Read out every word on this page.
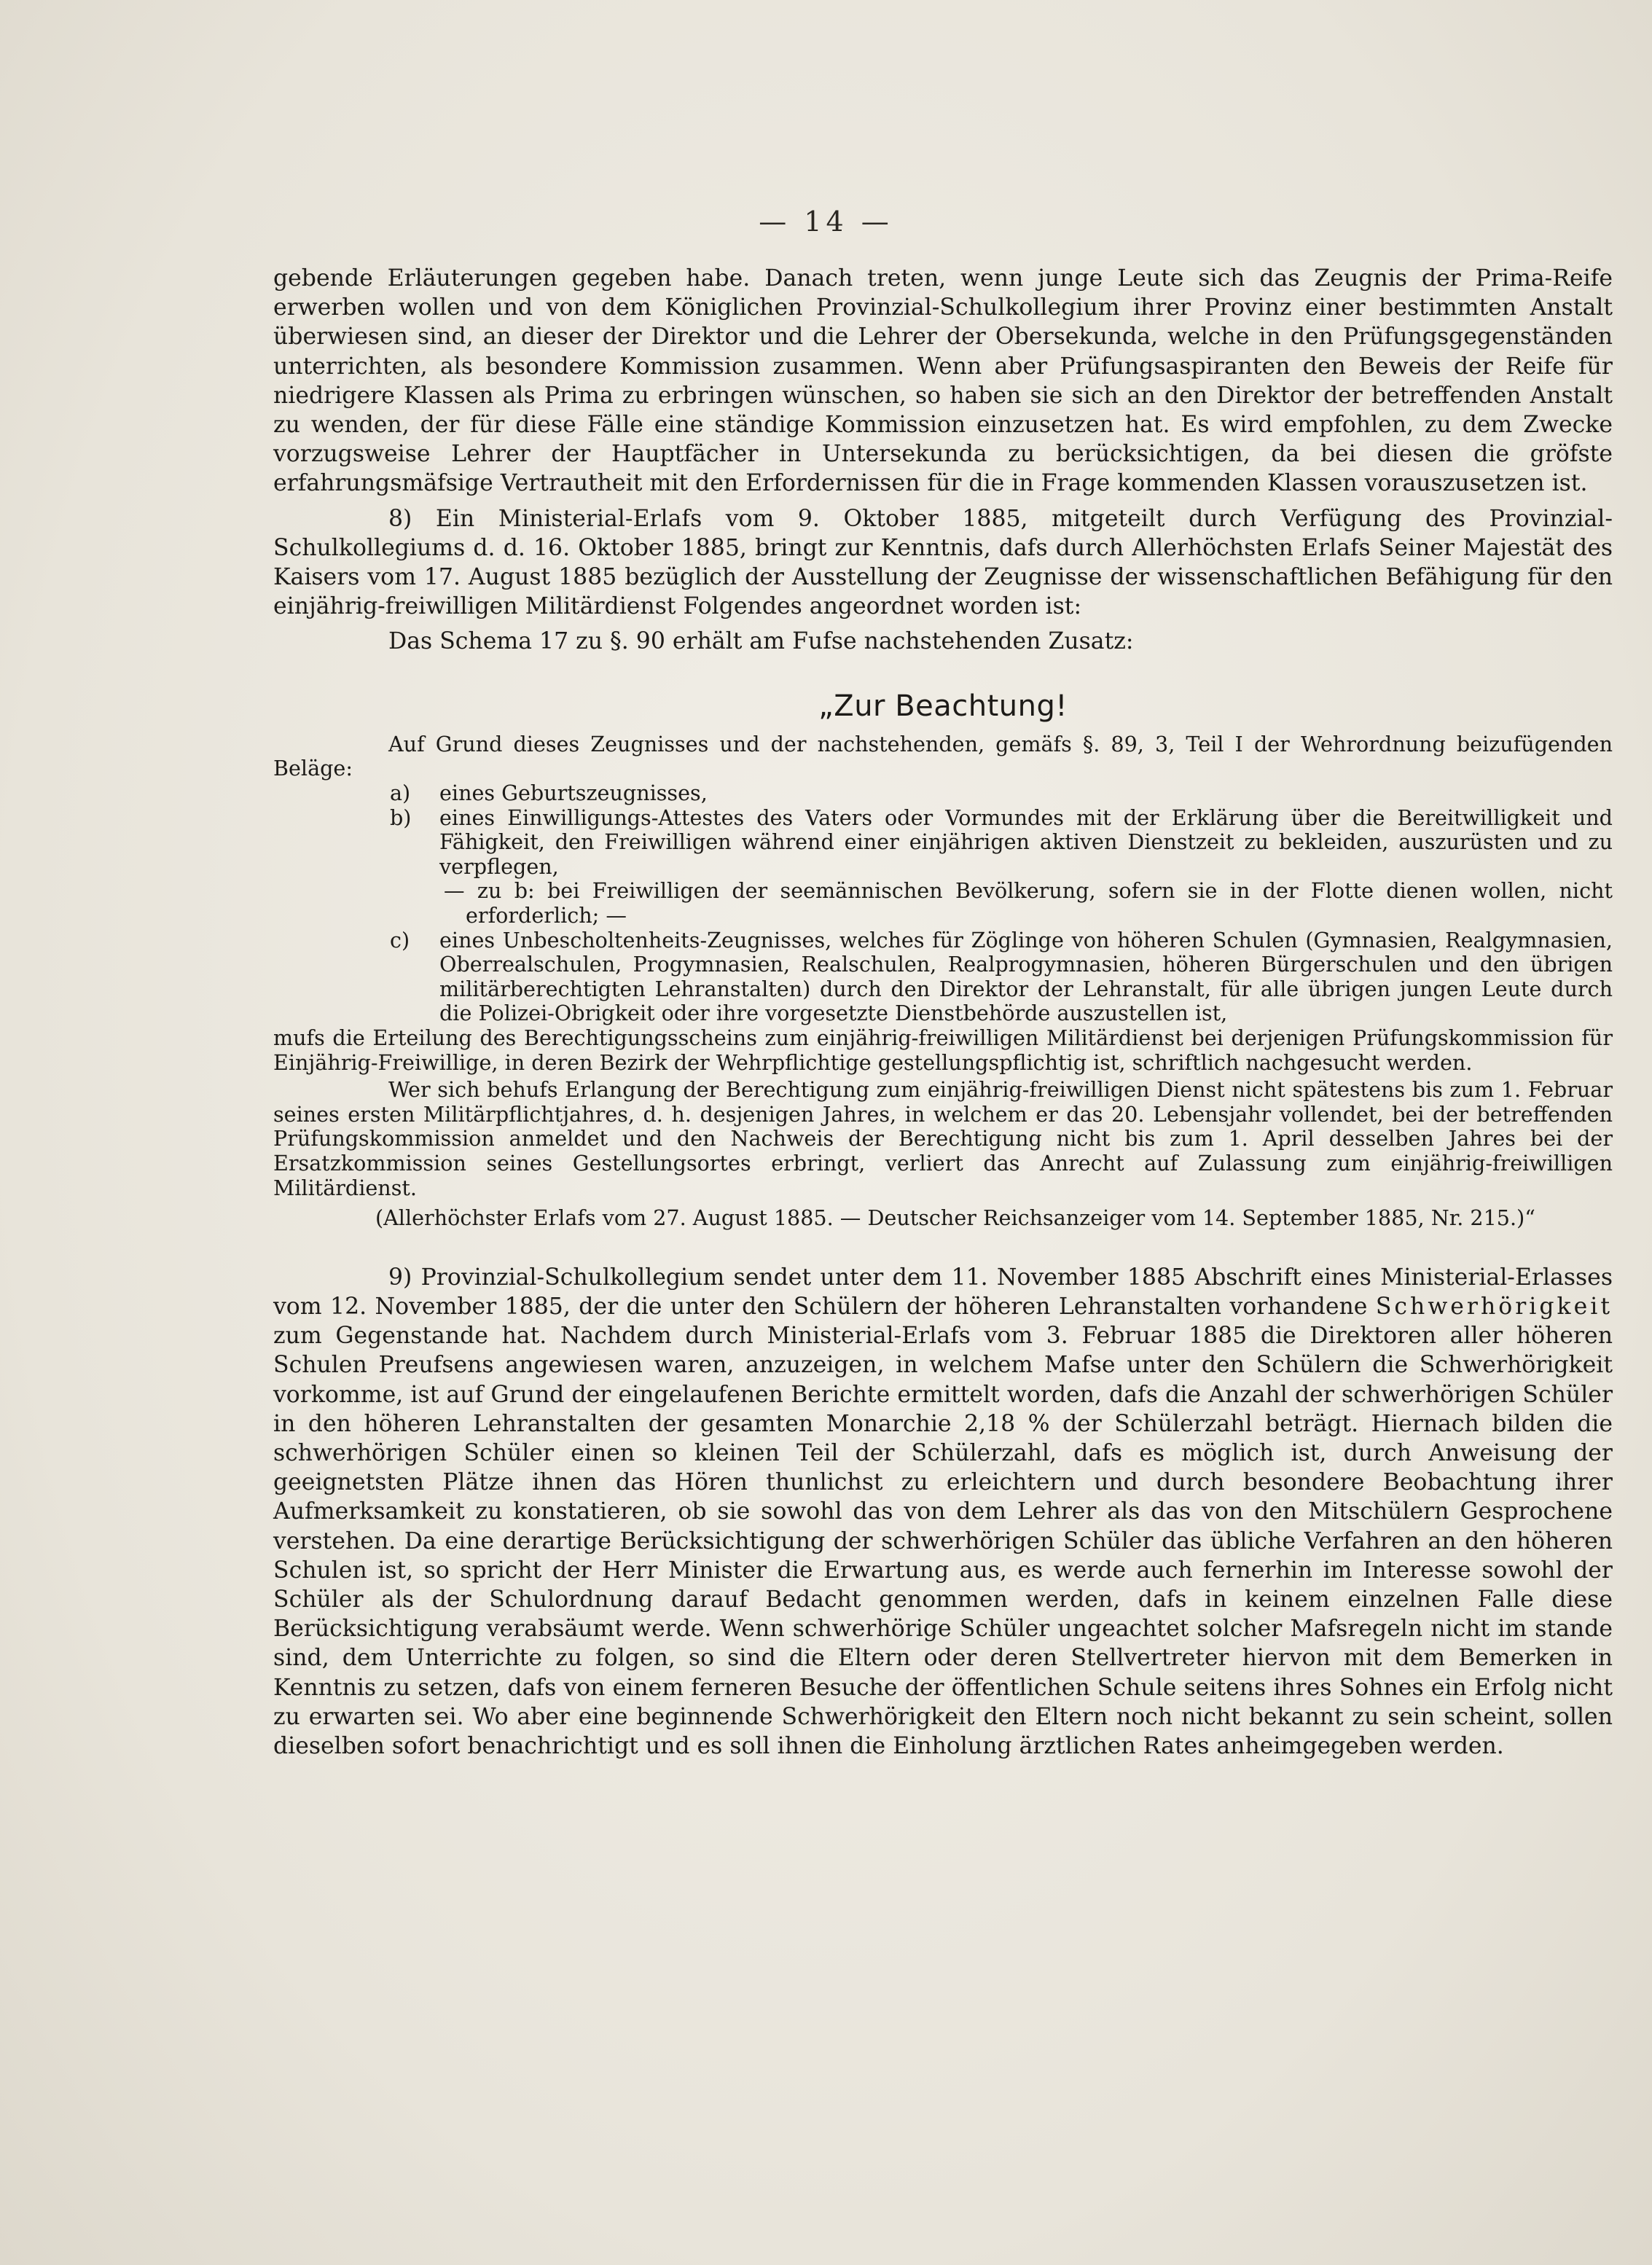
— 14 —

gebende Erläuterungen gegeben habe. Danach treten, wenn junge Leute sich das Zeugnis der Prima-Reife erwerben wollen und von dem Königlichen Provinzial-Schulkollegium ihrer Provinz einer bestimmten Anstalt überwiesen sind, an dieser der Direktor und die Lehrer der Obersekunda, welche in den Prüfungsgegenständen unterrichten, als besondere Kommission zusammen. Wenn aber Prüfungsaspiranten den Beweis der Reife für niedrigere Klassen als Prima zu erbringen wünschen, so haben sie sich an den Direktor der betreffenden Anstalt zu wenden, der für diese Fälle eine ständige Kommission einzusetzen hat. Es wird empfohlen, zu dem Zwecke vorzugsweise Lehrer der Hauptfächer in Untersekunda zu berücksichtigen, da bei diesen die gröfste erfahrungsmäfsige Vertrautheit mit den Erfordernissen für die in Frage kommenden Klassen vorauszusetzen ist.

8) Ein Ministerial-Erlafs vom 9. Oktober 1885, mitgeteilt durch Verfügung des Provinzial-Schulkollegiums d. d. 16. Oktober 1885, bringt zur Kenntnis, dafs durch Allerhöchsten Erlafs Seiner Majestät des Kaisers vom 17. August 1885 bezüglich der Ausstellung der Zeugnisse der wissenschaftlichen Befähigung für den einjährig-freiwilligen Militärdienst Folgendes angeordnet worden ist:

Das Schema 17 zu §. 90 erhält am Fufse nachstehenden Zusatz:

„Zur Beachtung!

Auf Grund dieses Zeugnisses und der nachstehenden, gemäfs §. 89, 3, Teil I der Wehrordnung beizufügenden Beläge:

a) eines Geburtszeugnisses,

b) eines Einwilligungs-Attestes des Vaters oder Vormundes mit der Erklärung über die Bereitwilligkeit und Fähigkeit, den Freiwilligen während einer einjährigen aktiven Dienstzeit zu bekleiden, auszurüsten und zu verpflegen,

— zu b: bei Freiwilligen der seemännischen Bevölkerung, sofern sie in der Flotte dienen wollen, nicht erforderlich; —

c) eines Unbescholtenheits-Zeugnisses, welches für Zöglinge von höheren Schulen (Gymnasien, Realgymnasien, Oberrealschulen, Progymnasien, Realschulen, Realprogymnasien, höheren Bürgerschulen und den übrigen militärberechtigten Lehranstalten) durch den Direktor der Lehranstalt, für alle übrigen jungen Leute durch die Polizei-Obrigkeit oder ihre vorgesetzte Dienstbehörde auszustellen ist,

mufs die Erteilung des Berechtigungsscheins zum einjährig-freiwilligen Militärdienst bei derjenigen Prüfungskommission für Einjährig-Freiwillige, in deren Bezirk der Wehrpflichtige gestellungspflichtig ist, schriftlich nachgesucht werden.

Wer sich behufs Erlangung der Berechtigung zum einjährig-freiwilligen Dienst nicht spätestens bis zum 1. Februar seines ersten Militärpflichtjahres, d. h. desjenigen Jahres, in welchem er das 20. Lebensjahr vollendet, bei der betreffenden Prüfungskommission anmeldet und den Nachweis der Berechtigung nicht bis zum 1. April desselben Jahres bei der Ersatzkommission seines Gestellungsortes erbringt, verliert das Anrecht auf Zulassung zum einjährig-freiwilligen Militärdienst.

(Allerhöchster Erlafs vom 27. August 1885. — Deutscher Reichsanzeiger vom 14. September 1885, Nr. 215.)“

9) Provinzial-Schulkollegium sendet unter dem 11. November 1885 Abschrift eines Ministerial-Erlasses vom 12. November 1885, der die unter den Schülern der höheren Lehranstalten vorhandene Schwerhörigkeit zum Gegenstande hat. Nachdem durch Ministerial-Erlafs vom 3. Februar 1885 die Direktoren aller höheren Schulen Preufsens angewiesen waren, anzuzeigen, in welchem Mafse unter den Schülern die Schwerhörigkeit vorkomme, ist auf Grund der eingelaufenen Berichte ermittelt worden, dafs die Anzahl der schwerhörigen Schüler in den höheren Lehranstalten der gesamten Monarchie 2,18 % der Schülerzahl beträgt. Hiernach bilden die schwerhörigen Schüler einen so kleinen Teil der Schülerzahl, dafs es möglich ist, durch Anweisung der geeignetsten Plätze ihnen das Hören thunlichst zu erleichtern und durch besondere Beobachtung ihrer Aufmerksamkeit zu konstatieren, ob sie sowohl das von dem Lehrer als das von den Mitschülern Gesprochene verstehen. Da eine derartige Berücksichtigung der schwerhörigen Schüler das übliche Verfahren an den höheren Schulen ist, so spricht der Herr Minister die Erwartung aus, es werde auch fernerhin im Interesse sowohl der Schüler als der Schulordnung darauf Bedacht genommen werden, dafs in keinem einzelnen Falle diese Berücksichtigung verabsäumt werde. Wenn schwerhörige Schüler ungeachtet solcher Mafsregeln nicht im stande sind, dem Unterrichte zu folgen, so sind die Eltern oder deren Stellvertreter hiervon mit dem Bemerken in Kenntnis zu setzen, dafs von einem ferneren Besuche der öffentlichen Schule seitens ihres Sohnes ein Erfolg nicht zu erwarten sei. Wo aber eine beginnende Schwerhörigkeit den Eltern noch nicht bekannt zu sein scheint, sollen dieselben sofort benachrichtigt und es soll ihnen die Einholung ärztlichen Rates anheimgegeben werden.
